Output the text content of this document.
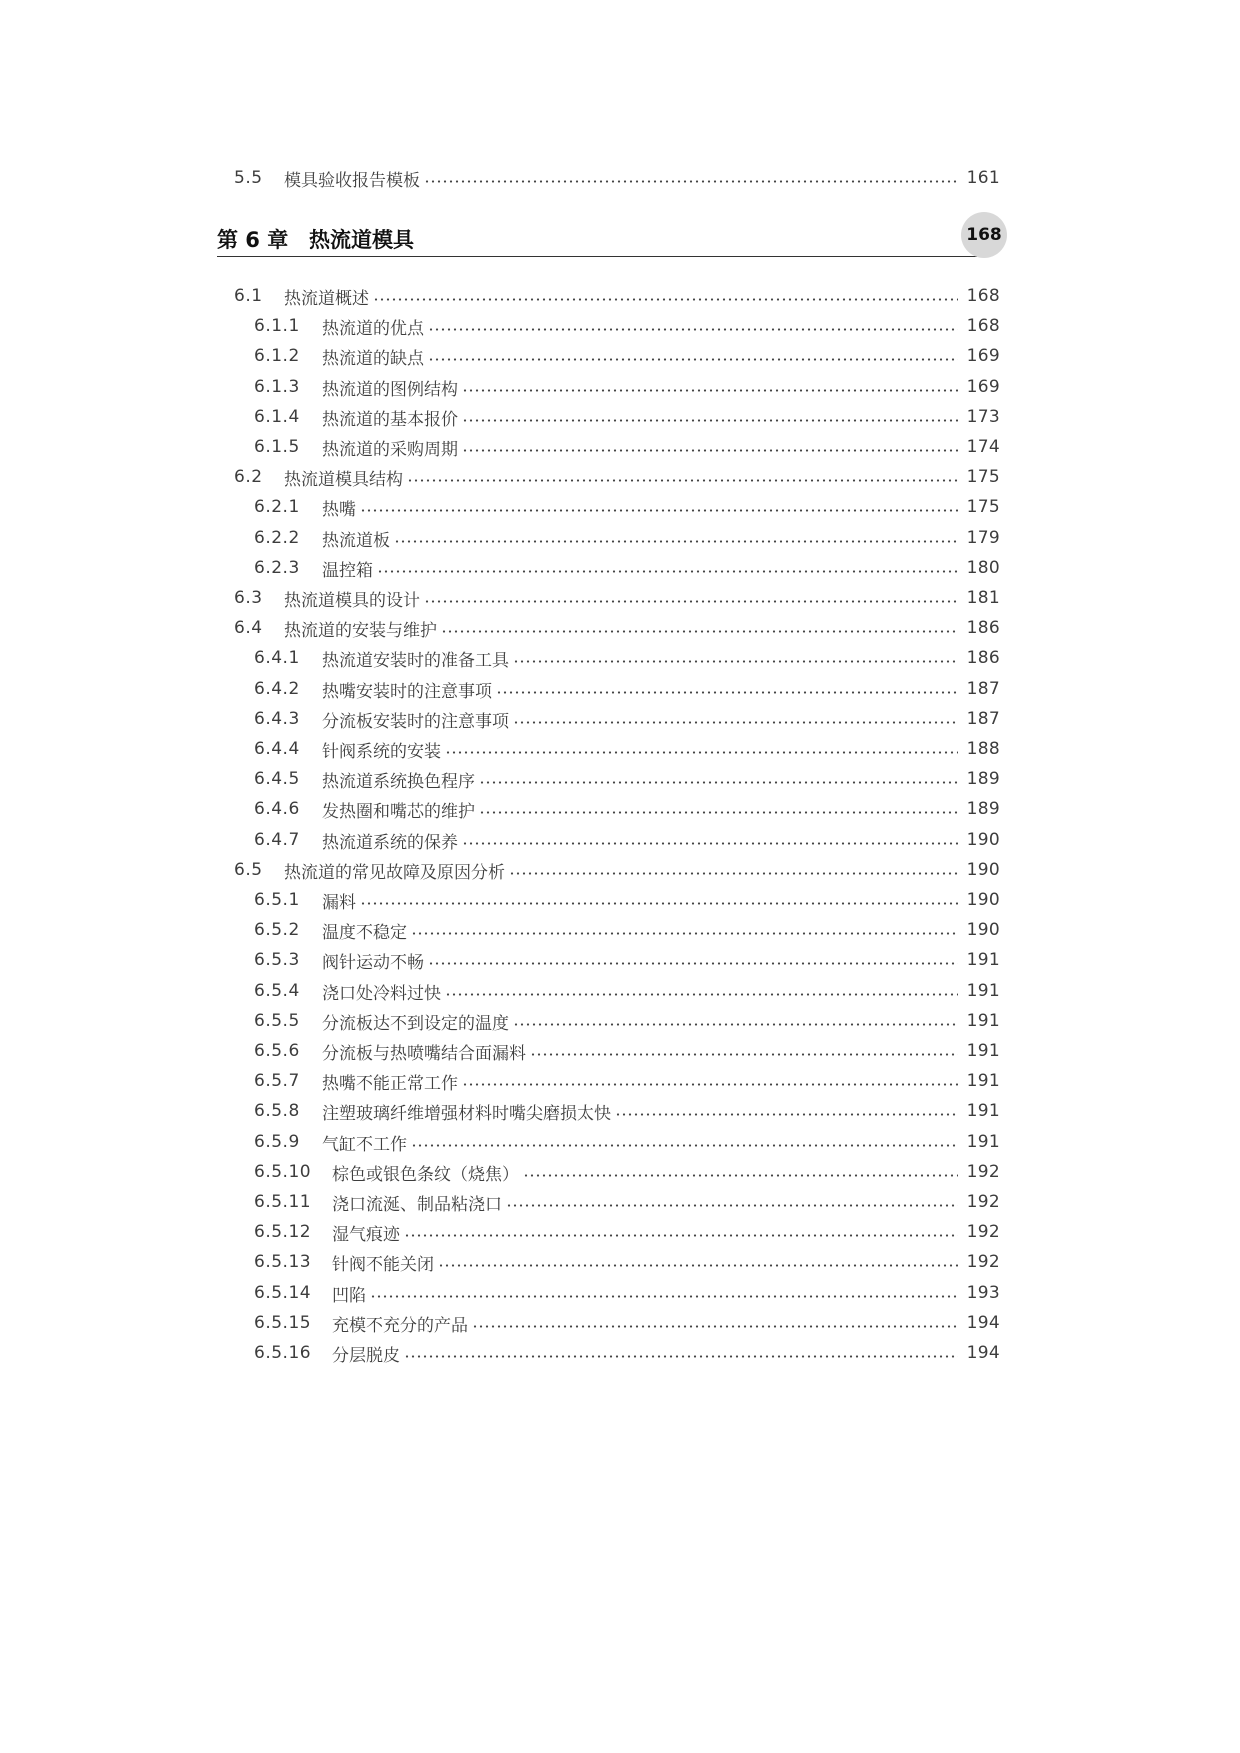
5.5	模具验收报告模板	161
第 6 章 热流道模具	168
6.1	热流道概述	168
6.1.1	热流道的优点	168
6.1.2	热流道的缺点	169
6.1.3	热流道的图例结构	169
6.1.4	热流道的基本报价	173
6.1.5	热流道的采购周期	174
6.2	热流道模具结构	175
6.2.1	热嘴	175
6.2.2	热流道板	179
6.2.3	温控箱	180
6.3	热流道模具的设计	181
6.4	热流道的安装与维护	186
6.4.1	热流道安装时的准备工具	186
6.4.2	热嘴安装时的注意事项	187
6.4.3	分流板安装时的注意事项	187
6.4.4	针阀系统的安装	188
6.4.5	热流道系统换色程序	189
6.4.6	发热圈和嘴芯的维护	189
6.4.7	热流道系统的保养	190
6.5	热流道的常见故障及原因分析	190
6.5.1	漏料	190
6.5.2	温度不稳定	190
6.5.3	阀针运动不畅	191
6.5.4	浇口处冷料过快	191
6.5.5	分流板达不到设定的温度	191
6.5.6	分流板与热喷嘴结合面漏料	191
6.5.7	热嘴不能正常工作	191
6.5.8	注塑玻璃纤维增强材料时嘴尖磨损太快	191
6.5.9	气缸不工作	191
6.5.10	棕色或银色条纹（烧焦）	192
6.5.11	浇口流涎、制品粘浇口	192
6.5.12	湿气痕迹	192
6.5.13	针阀不能关闭	192
6.5.14	凹陷	193
6.5.15	充模不充分的产品	194
6.5.16	分层脱皮	194
